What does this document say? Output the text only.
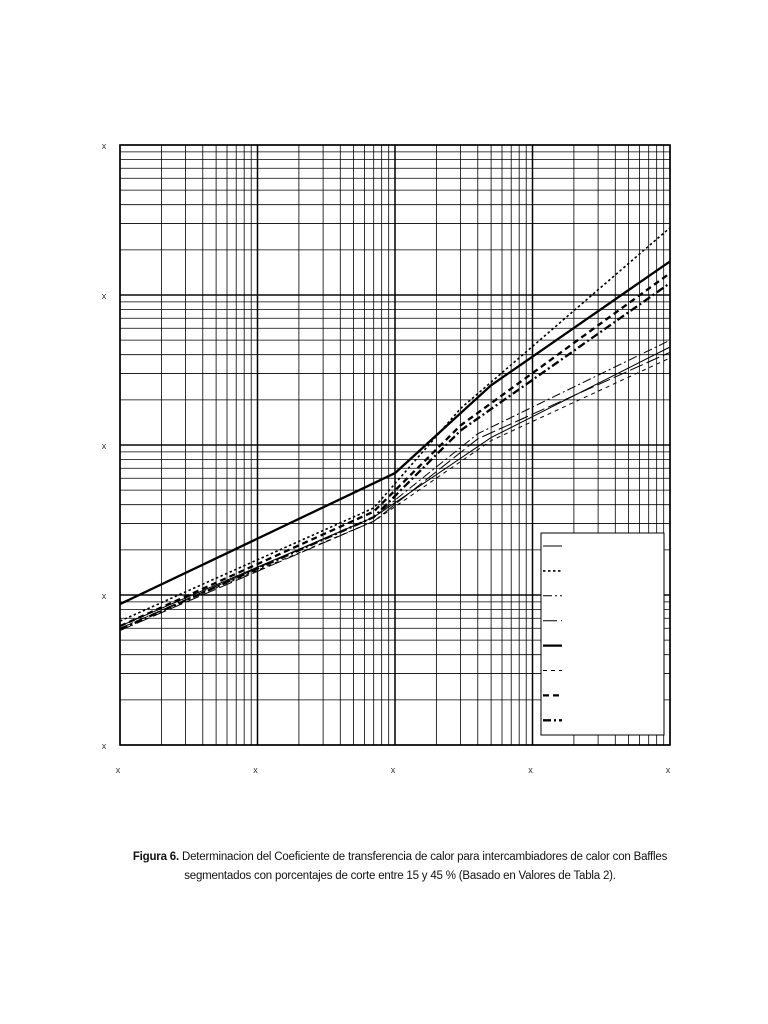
x	x	x	x	x
x
x
x
x
x
Figura 6. Determinacion del Coeficiente de transferencia de calor para intercambiadores de calor con Baffles
segmentados con porcentajes de corte entre 15 y 45 % (Basado en Valores de Tabla 2).
